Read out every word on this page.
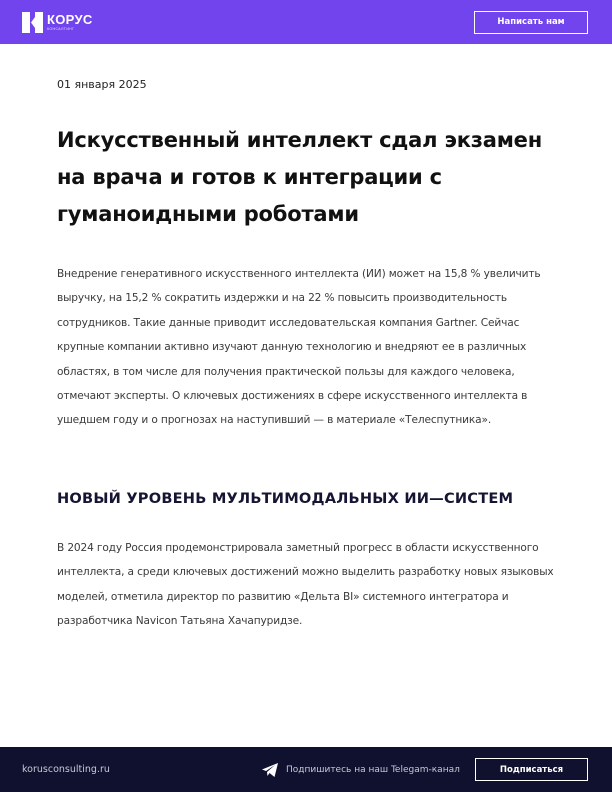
КОРУС
КОНСАЛТИНГ
Написать нам
01 января 2025
Искусственный интеллект сдал экзамен на врача и готов к интеграции с гуманоидными роботами

Внедрение генеративного искусственного интеллекта (ИИ) может на 15,8 % увеличить выручку, на 15,2 % сократить издержки и на 22 % повысить производительность сотрудников. Такие данные приводит исследовательская компания Gartner. Сейчас крупные компании активно изучают данную технологию и внедряют ее в различных областях, в том числе для получения практической пользы для каждого человека, отмечают эксперты. О ключевых достижениях в сфере искусственного интеллекта в ушедшем году и о прогнозах на наступивший — в материале «Телеспутника».

НОВЫЙ УРОВЕНЬ МУЛЬТИМОДАЛЬНЫХ ИИ—СИСТЕМ

В 2024 году Россия продемонстрировала заметный прогресс в области искусственного интеллекта, а среди ключевых достижений можно выделить разработку новых языковых моделей, отметила директор по развитию «Дельта BI» системного интегратора и разработчика Navicon Татьяна Хачапуридзе.

korusconsulting.ru	Подпишитесь на наш Telegam-канал	Подписаться
